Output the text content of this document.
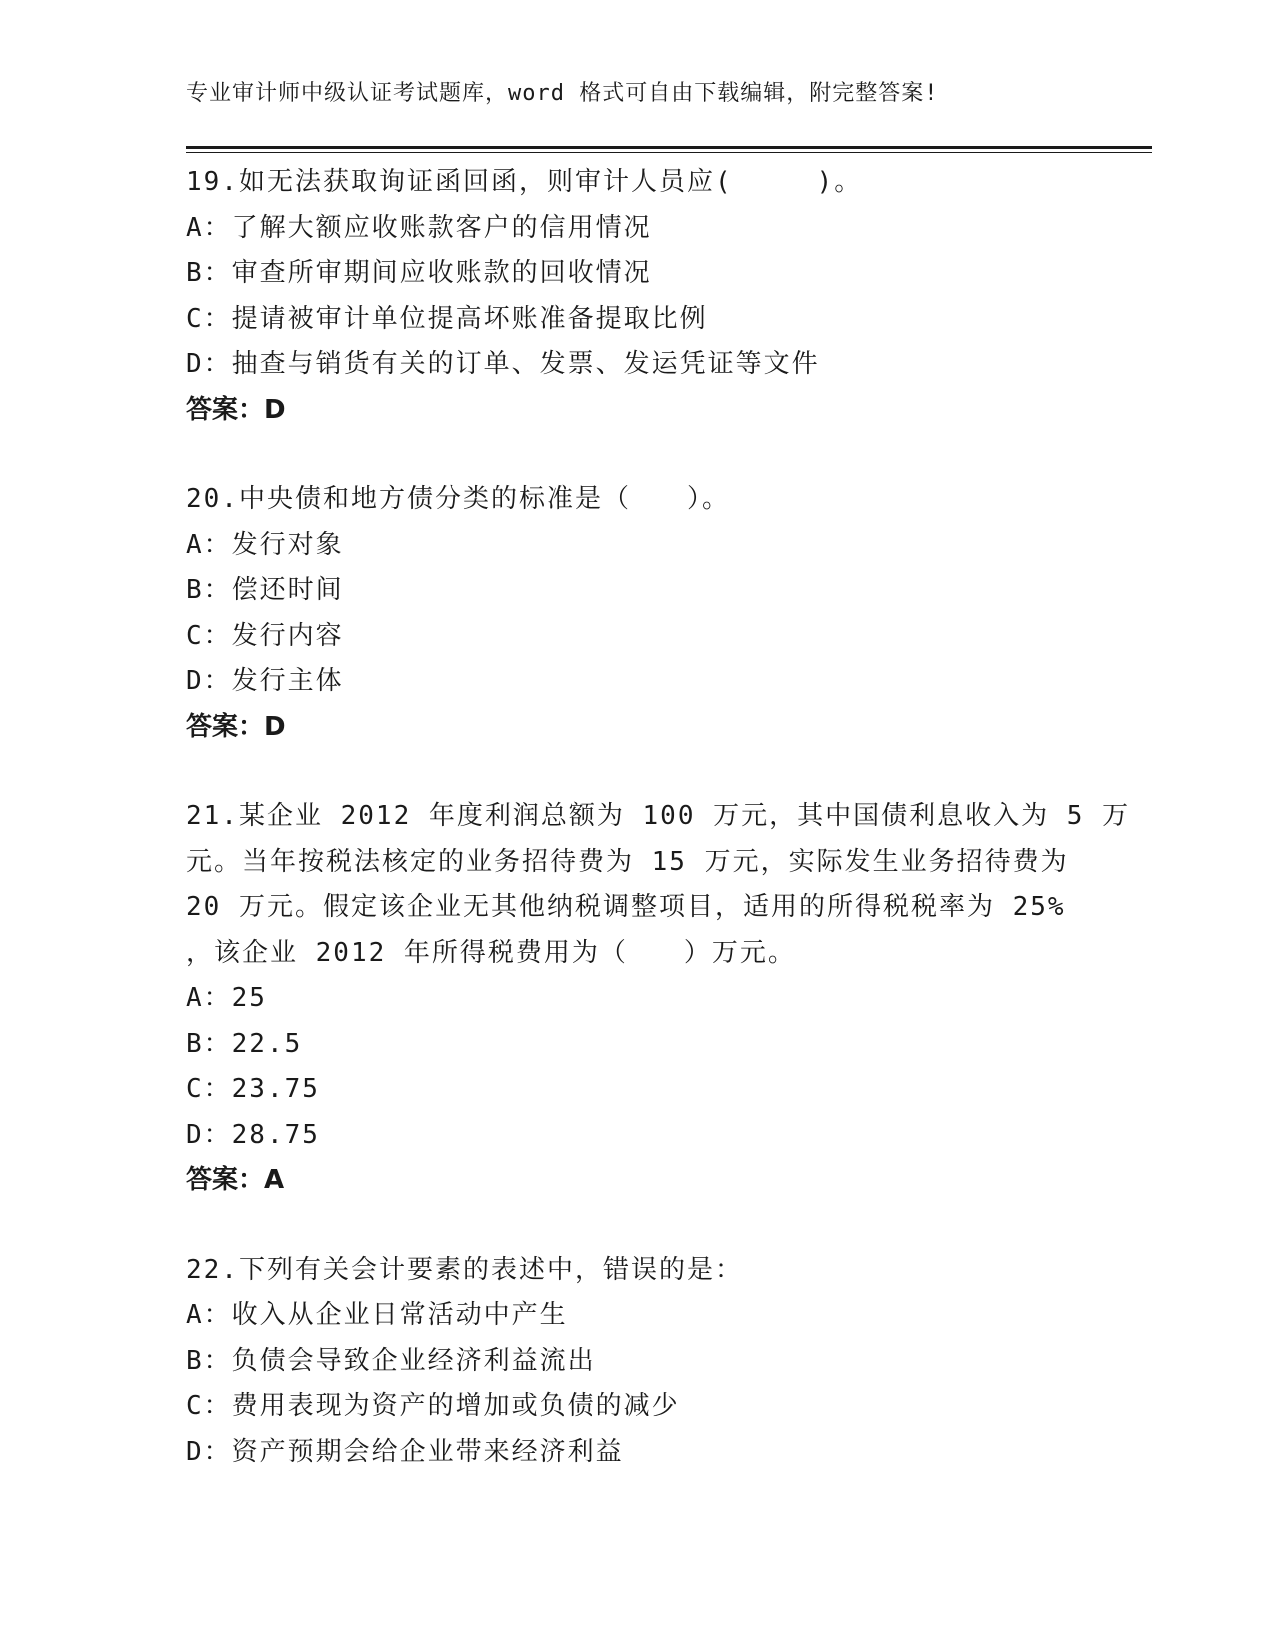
专业审计师中级认证考试题库，word 格式可自由下载编辑，附完整答案!
19.如无法获取询证函回函，则审计人员应(　　　)。
A：了解大额应收账款客户的信用情况
B：审查所审期间应收账款的回收情况
C：提请被审计单位提高坏账准备提取比例
D：抽查与销货有关的订单、发票、发运凭证等文件
答案：D
20.中央债和地方债分类的标准是（　　）。
A：发行对象
B：偿还时间
C：发行内容
D：发行主体
答案：D
21.某企业 2012 年度利润总额为 100 万元，其中国债利息收入为 5 万
元。当年按税法核定的业务招待费为 15 万元，实际发生业务招待费为
20 万元。假定该企业无其他纳税调整项目，适用的所得税税率为 25%
，该企业 2012 年所得税费用为（　　）万元。
A：25
B：22.5
C：23.75
D：28.75
答案：A
22.下列有关会计要素的表述中，错误的是：
A：收入从企业日常活动中产生
B：负债会导致企业经济利益流出
C：费用表现为资产的增加或负债的减少
D：资产预期会给企业带来经济利益
